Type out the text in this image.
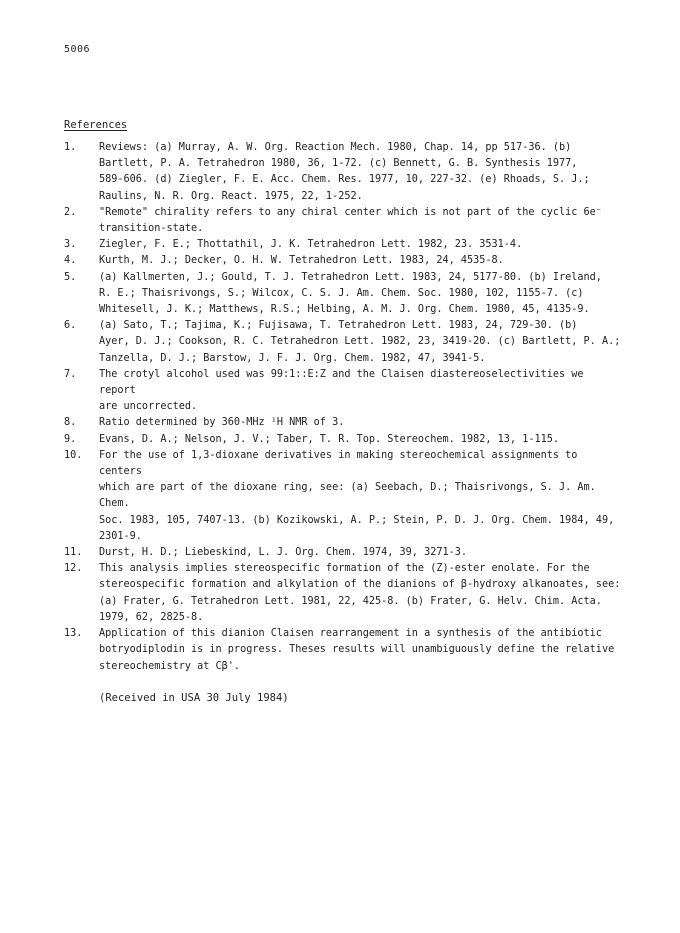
5006
References
1.	Reviews: (a) Murray, A. W. Org. Reaction Mech. 1980, Chap. 14, pp 517-36. (b)
Bartlett, P. A. Tetrahedron 1980, 36, 1-72. (c) Bennett, G. B. Synthesis 1977,
589-606. (d) Ziegler, F. E. Acc. Chem. Res. 1977, 10, 227-32. (e) Rhoads, S. J.;
Raulins, N. R. Org. React. 1975, 22, 1-252.
2.	"Remote" chirality refers to any chiral center which is not part of the cyclic 6e⁻
transition-state.
3.	Ziegler, F. E.; Thottathil, J. K. Tetrahedron Lett. 1982, 23. 3531-4.
4.	Kurth, M. J.; Decker, O. H. W. Tetrahedron Lett. 1983, 24, 4535-8.
5.	(a) Kallmerten, J.; Gould, T. J. Tetrahedron Lett. 1983, 24, 5177-80. (b) Ireland,
R. E.; Thaisrivongs, S.; Wilcox, C. S. J. Am. Chem. Soc. 1980, 102, 1155-7. (c)
Whitesell, J. K.; Matthews, R.S.; Helbing, A. M. J. Org. Chem. 1980, 45, 4135-9.
6.	(a) Sato, T.; Tajima, K.; Fujisawa, T. Tetrahedron Lett. 1983, 24, 729-30. (b)
Ayer, D. J.; Cookson, R. C. Tetrahedron Lett. 1982, 23, 3419-20. (c) Bartlett, P. A.;
Tanzella, D. J.; Barstow, J. F. J. Org. Chem. 1982, 47, 3941-5.
7.	The crotyl alcohol used was 99:1::E:Z and the Claisen diastereoselectivities we report
are uncorrected.
8.	Ratio determined by 360-MHz ¹H NMR of 3.
9.	Evans, D. A.; Nelson, J. V.; Taber, T. R. Top. Stereochem. 1982, 13, 1-115.
10.	For the use of 1,3-dioxane derivatives in making stereochemical assignments to centers
which are part of the dioxane ring, see: (a) Seebach, D.; Thaisrivongs, S. J. Am. Chem.
Soc. 1983, 105, 7407-13. (b) Kozikowski, A. P.; Stein, P. D. J. Org. Chem. 1984, 49,
2301-9.
11.	Durst, H. D.; Liebeskind, L. J. Org. Chem. 1974, 39, 3271-3.
12.	This analysis implies stereospecific formation of the (Z)-ester enolate. For the
stereospecific formation and alkylation of the dianions of β-hydroxy alkanoates, see:
(a) Frater, G. Tetrahedron Lett. 1981, 22, 425-8. (b) Frater, G. Helv. Chim. Acta.
1979, 62, 2825-8.
13.	Application of this dianion Claisen rearrangement in a synthesis of the antibiotic
botryodiplodin is in progress. Theses results will unambiguously define the relative
stereochemistry at Cβ'.
(Received in USA 30 July 1984)
